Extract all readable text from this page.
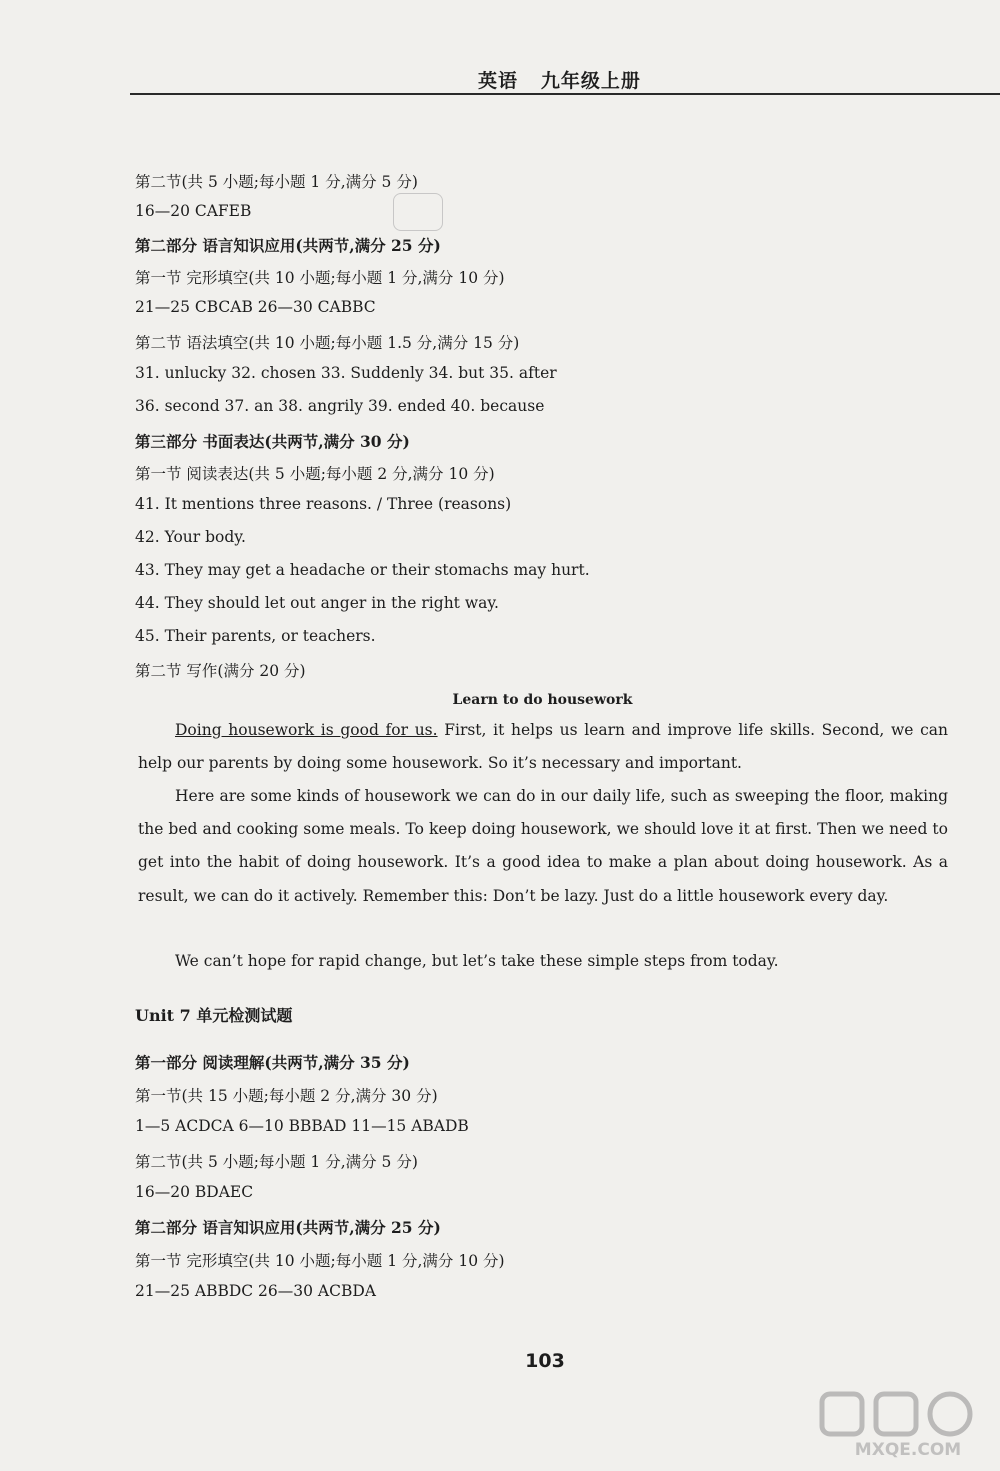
英语   九年级上册
第二节(共 5 小题;每小题 1 分,满分 5 分)
16—20 CAFEB
第二部分 语言知识应用(共两节,满分 25 分)
第一节 完形填空(共 10 小题;每小题 1 分,满分 10 分)
21—25 CBCAB 26—30 CABBC
第二节 语法填空(共 10 小题;每小题 1.5 分,满分 15 分)
31. unlucky 32. chosen 33. Suddenly 34. but 35. after
36. second 37. an 38. angrily 39. ended 40. because
第三部分 书面表达(共两节,满分 30 分)
第一节 阅读表达(共 5 小题;每小题 2 分,满分 10 分)
41. It mentions three reasons. / Three (reasons)
42. Your body.
43. They may get a headache or their stomachs may hurt.
44. They should let out anger in the right way.
45. Their parents, or teachers.
第二节 写作(满分 20 分)
Learn to do housework
Doing housework is good for us. First, it helps us learn and improve life skills. Second, we can help our parents by doing some housework. So it’s necessary and important.
Here are some kinds of housework we can do in our daily life, such as sweeping the floor, making the bed and cooking some meals. To keep doing housework, we should love it at first. Then we need to get into the habit of doing housework. It’s a good idea to make a plan about doing housework. As a result, we can do it actively. Remember this: Don’t be lazy. Just do a little housework every day.
We can’t hope for rapid change, but let’s take these simple steps from today.
Unit 7 单元检测试题
第一部分 阅读理解(共两节,满分 35 分)
第一节(共 15 小题;每小题 2 分,满分 30 分)
1—5 ACDCA 6—10 BBBAD 11—15 ABADB
第二节(共 5 小题;每小题 1 分,满分 5 分)
16—20 BDAEC
第二部分 语言知识应用(共两节,满分 25 分)
第一节 完形填空(共 10 小题;每小题 1 分,满分 10 分)
21—25 ABBDC 26—30 ACBDA
103
MXQE.COM
